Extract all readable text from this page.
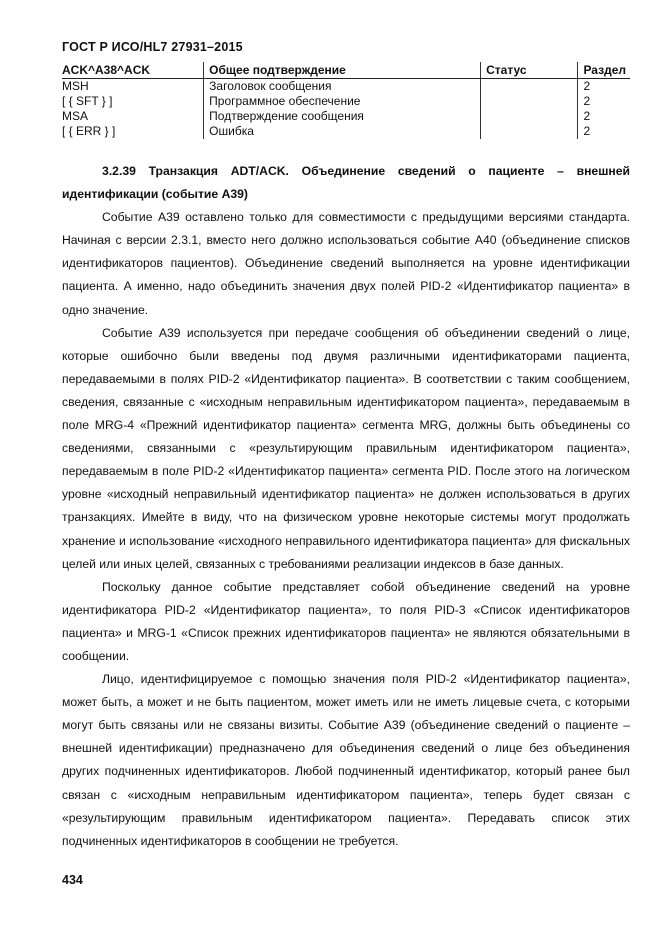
ГОСТ Р ИСО/HL7 27931–2015
ACK^A38^ACK	Общее подтверждение	Статус	Раздел
MSH	Заголовок сообщения		2
[ { SFT } ]	Программное обеспечение		2
MSA	Подтверждение сообщения		2
[ { ERR } ]	Ошибка		2

3.2.39 Транзакция ADT/ACK. Объединение сведений о пациенте – внешней идентификации (событие A39)

Событие A39 оставлено только для совместимости с предыдущими версиями стандарта. Начиная с версии 2.3.1, вместо него должно использоваться событие A40 (объединение списков идентификаторов пациентов). Объединение сведений выполняется на уровне идентификации пациента. А именно, надо объединить значения двух полей PID-2 «Идентификатор пациента» в одно значение.

Событие A39 используется при передаче сообщения об объединении сведений о лице, которые ошибочно были введены под двумя различными идентификаторами пациента, передаваемыми в полях PID-2 «Идентификатор пациента». В соответствии с таким сообщением, сведения, связанные с «исходным неправильным идентификатором пациента», передаваемым в поле MRG-4 «Прежний идентификатор пациента» сегмента MRG, должны быть объединены со сведениями, связанными с «результирующим правильным идентификатором пациента», передаваемым в поле PID-2 «Идентификатор пациента» сегмента PID. После этого на логическом уровне «исходный неправильный идентификатор пациента» не должен использоваться в других транзакциях. Имейте в виду, что на физическом уровне некоторые системы могут продолжать хранение и использование «исходного неправильного идентификатора пациента» для фискальных целей или иных целей, связанных с требованиями реализации индексов в базе данных.

Поскольку данное событие представляет собой объединение сведений на уровне идентификатора PID-2 «Идентификатор пациента», то поля PID-3 «Список идентификаторов пациента» и MRG-1 «Список прежних идентификаторов пациента» не являются обязательными в сообщении.

Лицо, идентифицируемое с помощью значения поля PID-2 «Идентификатор пациента», может быть, а может и не быть пациентом, может иметь или не иметь лицевые счета, с которыми могут быть связаны или не связаны визиты. Событие A39 (объединение сведений о пациенте – внешней идентификации) предназначено для объединения сведений о лице без объединения других подчиненных идентификаторов. Любой подчиненный идентификатор, который ранее был связан с «исходным неправильным идентификатором пациента», теперь будет связан с «результирующим правильным идентификатором пациента». Передавать список этих подчиненных идентификаторов в сообщении не требуется.

434
